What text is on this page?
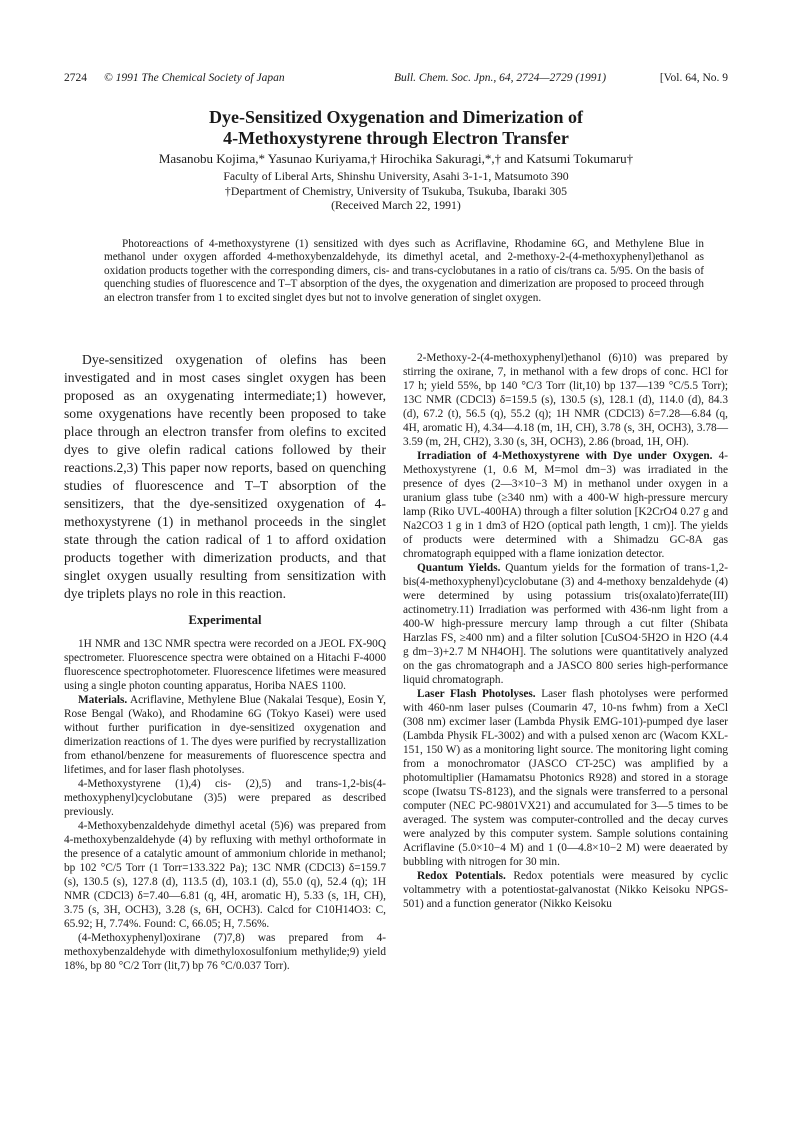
2724 © 1991 The Chemical Society of Japan	Bull. Chem. Soc. Jpn., 64, 2724—2729 (1991)	[Vol. 64, No. 9
Dye-Sensitized Oxygenation and Dimerization of
4-Methoxystyrene through Electron Transfer
Masanobu Kojima,* Yasunao Kuriyama,† Hirochika Sakuragi,*,† and Katsumi Tokumaru†
Faculty of Liberal Arts, Shinshu University, Asahi 3-1-1, Matsumoto 390
†Department of Chemistry, University of Tsukuba, Tsukuba, Ibaraki 305
(Received March 22, 1991)

Photoreactions of 4-methoxystyrene (1) sensitized with dyes such as Acriflavine, Rhodamine 6G, and Methylene Blue in methanol under oxygen afforded 4-methoxybenzaldehyde, its dimethyl acetal, and 2-methoxy-2-(4-methoxyphenyl)ethanol as oxidation products together with the corresponding dimers, cis- and trans-cyclobutanes in a ratio of cis/trans ca. 5/95. On the basis of quenching studies of fluorescence and T–T absorption of the dyes, the oxygenation and dimerization are proposed to proceed through an electron transfer from 1 to excited singlet dyes but not to involve generation of singlet oxygen.

Dye-sensitized oxygenation of olefins has been investigated and in most cases singlet oxygen has been proposed as an oxygenating intermediate;1) however, some oxygenations have recently been proposed to take place through an electron transfer from olefins to excited dyes to give olefin radical cations followed by their reactions.2,3) This paper now reports, based on quenching studies of fluorescence and T–T absorption of the sensitizers, that the dye-sensitized oxygenation of 4-methoxystyrene (1) in methanol proceeds in the singlet state through the cation radical of 1 to afford oxidation products together with dimerization products, and that singlet oxygen usually resulting from sensitization with dye triplets plays no role in this reaction.

Experimental

1H NMR and 13C NMR spectra were recorded on a JEOL FX-90Q spectrometer. Fluorescence spectra were obtained on a Hitachi F-4000 fluorescence spectrophotometer. Fluorescence lifetimes were measured using a single photon counting apparatus, Horiba NAES 1100.

Materials. Acriflavine, Methylene Blue (Nakalai Tesque), Eosin Y, Rose Bengal (Wako), and Rhodamine 6G (Tokyo Kasei) were used without further purification in dye-sensitized oxygenation and dimerization reactions of 1. The dyes were purified by recrystallization from ethanol/benzene for measurements of fluorescence spectra and lifetimes, and for laser flash photolyses.

4-Methoxystyrene (1),4) cis- (2),5) and trans-1,2-bis(4-methoxyphenyl)cyclobutane (3)5) were prepared as described previously.

4-Methoxybenzaldehyde dimethyl acetal (5)6) was prepared from 4-methoxybenzaldehyde (4) by refluxing with methyl orthoformate in the presence of a catalytic amount of ammonium chloride in methanol; bp 102 °C/5 Torr (1 Torr=133.322 Pa); 13C NMR (CDCl3) δ=159.7 (s), 130.5 (s), 127.8 (d), 113.5 (d), 103.1 (d), 55.0 (q), 52.4 (q); 1H NMR (CDCl3) δ=7.40—6.81 (q, 4H, aromatic H), 5.33 (s, 1H, CH), 3.75 (s, 3H, OCH3), 3.28 (s, 6H, OCH3). Calcd for C10H14O3: C, 65.92; H, 7.74%. Found: C, 66.05; H, 7.56%.

(4-Methoxyphenyl)oxirane (7)7,8) was prepared from 4-methoxybenzaldehyde with dimethyloxosulfonium methylide;9) yield 18%, bp 80 °C/2 Torr (lit,7) bp 76 °C/0.037 Torr).

2-Methoxy-2-(4-methoxyphenyl)ethanol (6)10) was prepared by stirring the oxirane, 7, in methanol with a few drops of conc. HCl for 17 h; yield 55%, bp 140 °C/3 Torr (lit,10) bp 137—139 °C/5.5 Torr); 13C NMR (CDCl3) δ=159.5 (s), 130.5 (s), 128.1 (d), 114.0 (d), 84.3 (d), 67.2 (t), 56.5 (q), 55.2 (q); 1H NMR (CDCl3) δ=7.28—6.84 (q, 4H, aromatic H), 4.34—4.18 (m, 1H, CH), 3.78 (s, 3H, OCH3), 3.78—3.59 (m, 2H, CH2), 3.30 (s, 3H, OCH3), 2.86 (broad, 1H, OH).

Irradiation of 4-Methoxystyrene with Dye under Oxygen. 4-Methoxystyrene (1, 0.6 M, M=mol dm−3) was irradiated in the presence of dyes (2—3×10−3 M) in methanol under oxygen in a uranium glass tube (≥340 nm) with a 400-W high-pressure mercury lamp (Riko UVL-400HA) through a filter solution [K2CrO4 0.27 g and Na2CO3 1 g in 1 dm3 of H2O (optical path length, 1 cm)]. The yields of products were determined with a Shimadzu GC-8A gas chromatograph equipped with a flame ionization detector.

Quantum Yields. Quantum yields for the formation of trans-1,2-bis(4-methoxyphenyl)cyclobutane (3) and 4-methoxy benzaldehyde (4) were determined by using potassium tris(oxalato)ferrate(III) actinometry.11) Irradiation was performed with 436-nm light from a 400-W high-pressure mercury lamp through a cut filter (Shibata Harzlas FS, ≥400 nm) and a filter solution [CuSO4·5H2O in H2O (4.4 g dm−3)+2.7 M NH4OH]. The solutions were quantitatively analyzed on the gas chromatograph and a JASCO 800 series high-performance liquid chromatograph.

Laser Flash Photolyses. Laser flash photolyses were performed with 460-nm laser pulses (Coumarin 47, 10-ns fwhm) from a XeCl (308 nm) excimer laser (Lambda Physik EMG-101)-pumped dye laser (Lambda Physik FL-3002) and with a pulsed xenon arc (Wacom KXL-151, 150 W) as a monitoring light source. The monitoring light coming from a monochromator (JASCO CT-25C) was amplified by a photomultiplier (Hamamatsu Photonics R928) and stored in a storage scope (Iwatsu TS-8123), and the signals were transferred to a personal computer (NEC PC-9801VX21) and accumulated for 3—5 times to be averaged. The system was computer-controlled and the decay curves were analyzed by this computer system. Sample solutions containing Acriflavine (5.0×10−4 M) and 1 (0—4.8×10−2 M) were deaerated by bubbling with nitrogen for 30 min.

Redox Potentials. Redox potentials were measured by cyclic voltammetry with a potentiostat-galvanostat (Nikko Keisoku NPGS-501) and a function generator (Nikko Keisoku
